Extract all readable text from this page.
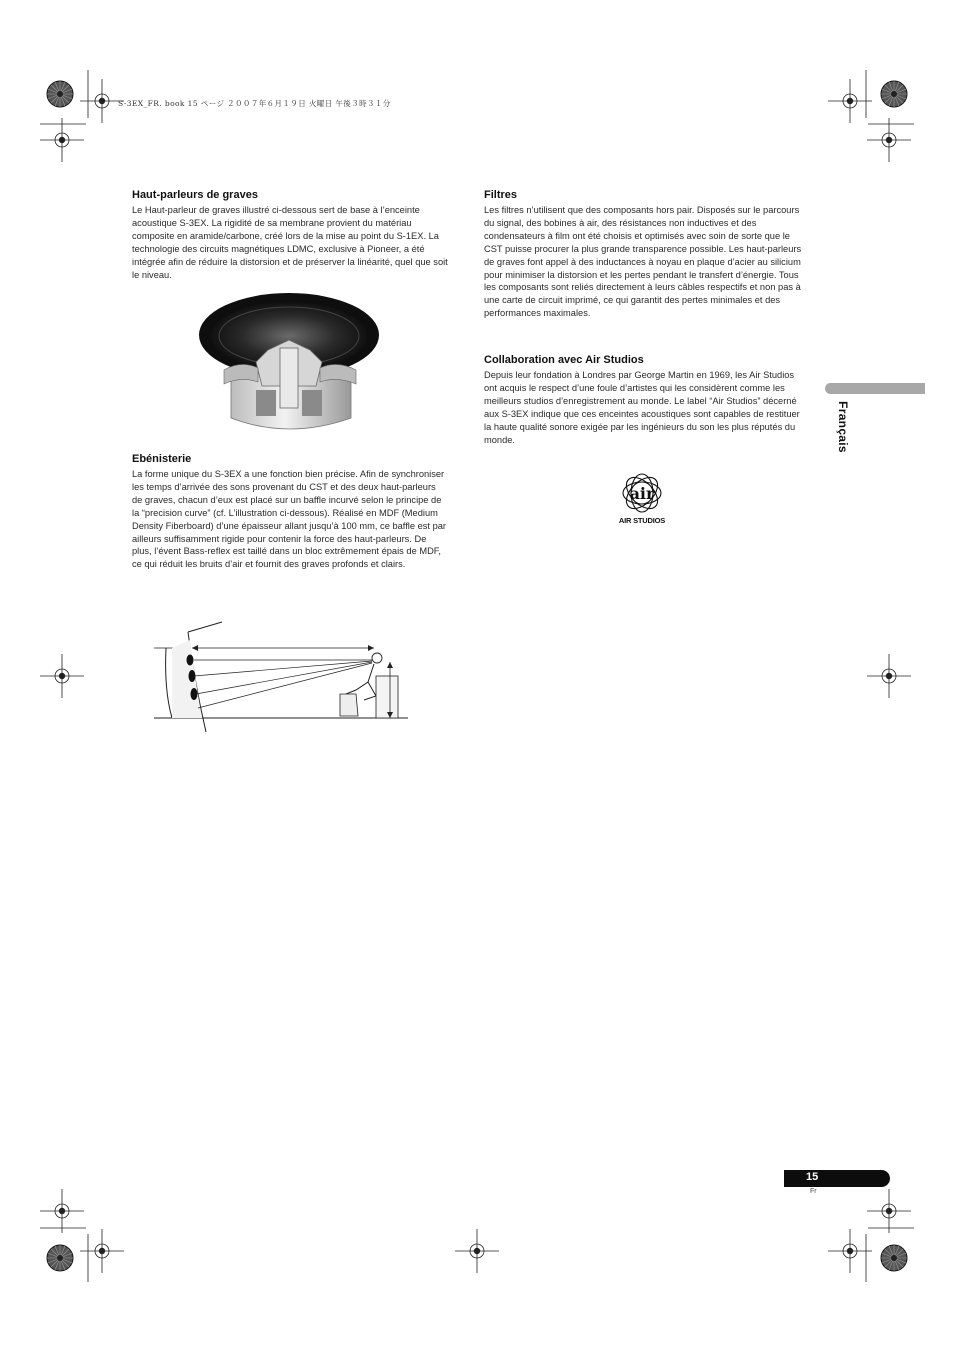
S-3EX_FR. book 15 ページ ２００７年６月１９日 火曜日 午後３時３１分
Haut-parleurs de graves

Le Haut-parleur de graves illustré ci-dessous sert de base à l’enceinte acoustique S-3EX. La rigidité de sa membrane provient du matériau composite en aramide/carbone, créé lors de la mise au point du S-1EX. La technologie des circuits magnétiques LDMC, exclusive à Pioneer, a été intégrée afin de réduire la distorsion et de préserver la linéarité, quel que soit le niveau.

Ebénisterie

La forme unique du S-3EX a une fonction bien précise. Afin de synchroniser les temps d’arrivée des sons provenant du CST et des deux haut-parleurs de graves, chacun d’eux est placé sur un baffle incurvé selon le principe de la “precision curve” (cf. L’illustration ci-dessous). Réalisé en MDF (Medium Density Fiberboard) d’une épaisseur allant jusqu’à 100 mm, ce baffle est par ailleurs suffisamment rigide pour contenir la force des haut-parleurs. De plus, l’évent Bass-reflex est taillé dans un bloc extrêmement épais de MDF, ce qui réduit les bruits d’air et fournit des graves profonds et clairs.

Filtres

Les filtres n’utilisent que des composants hors pair. Disposés sur le parcours du signal, des bobines à air, des résistances non inductives et des condensateurs à film ont été choisis et optimisés avec soin de sorte que le CST puisse procurer la plus grande transparence possible. Les haut-parleurs de graves font appel à des inductances à noyau en plaque d’acier au silicium pour minimiser la distorsion et les pertes pendant le transfert d’énergie. Tous les composants sont reliés directement à leurs câbles respectifs et non pas à une carte de circuit imprimé, ce qui garantit des pertes minimales et des performances maximales.

Collaboration avec Air Studios

Depuis leur fondation à Londres par George Martin en 1969, les Air Studios ont acquis le respect d’une foule d’artistes qui les considèrent comme les meilleurs studios d’enregistrement au monde. Le label “Air Studios” décerné aux S-3EX indique que ces enceintes acoustiques sont capables de restituer la haute qualité sonore exigée par les ingénieurs du son les plus réputés du monde.

air
AIR STUDIOS
Français
15
Fr
